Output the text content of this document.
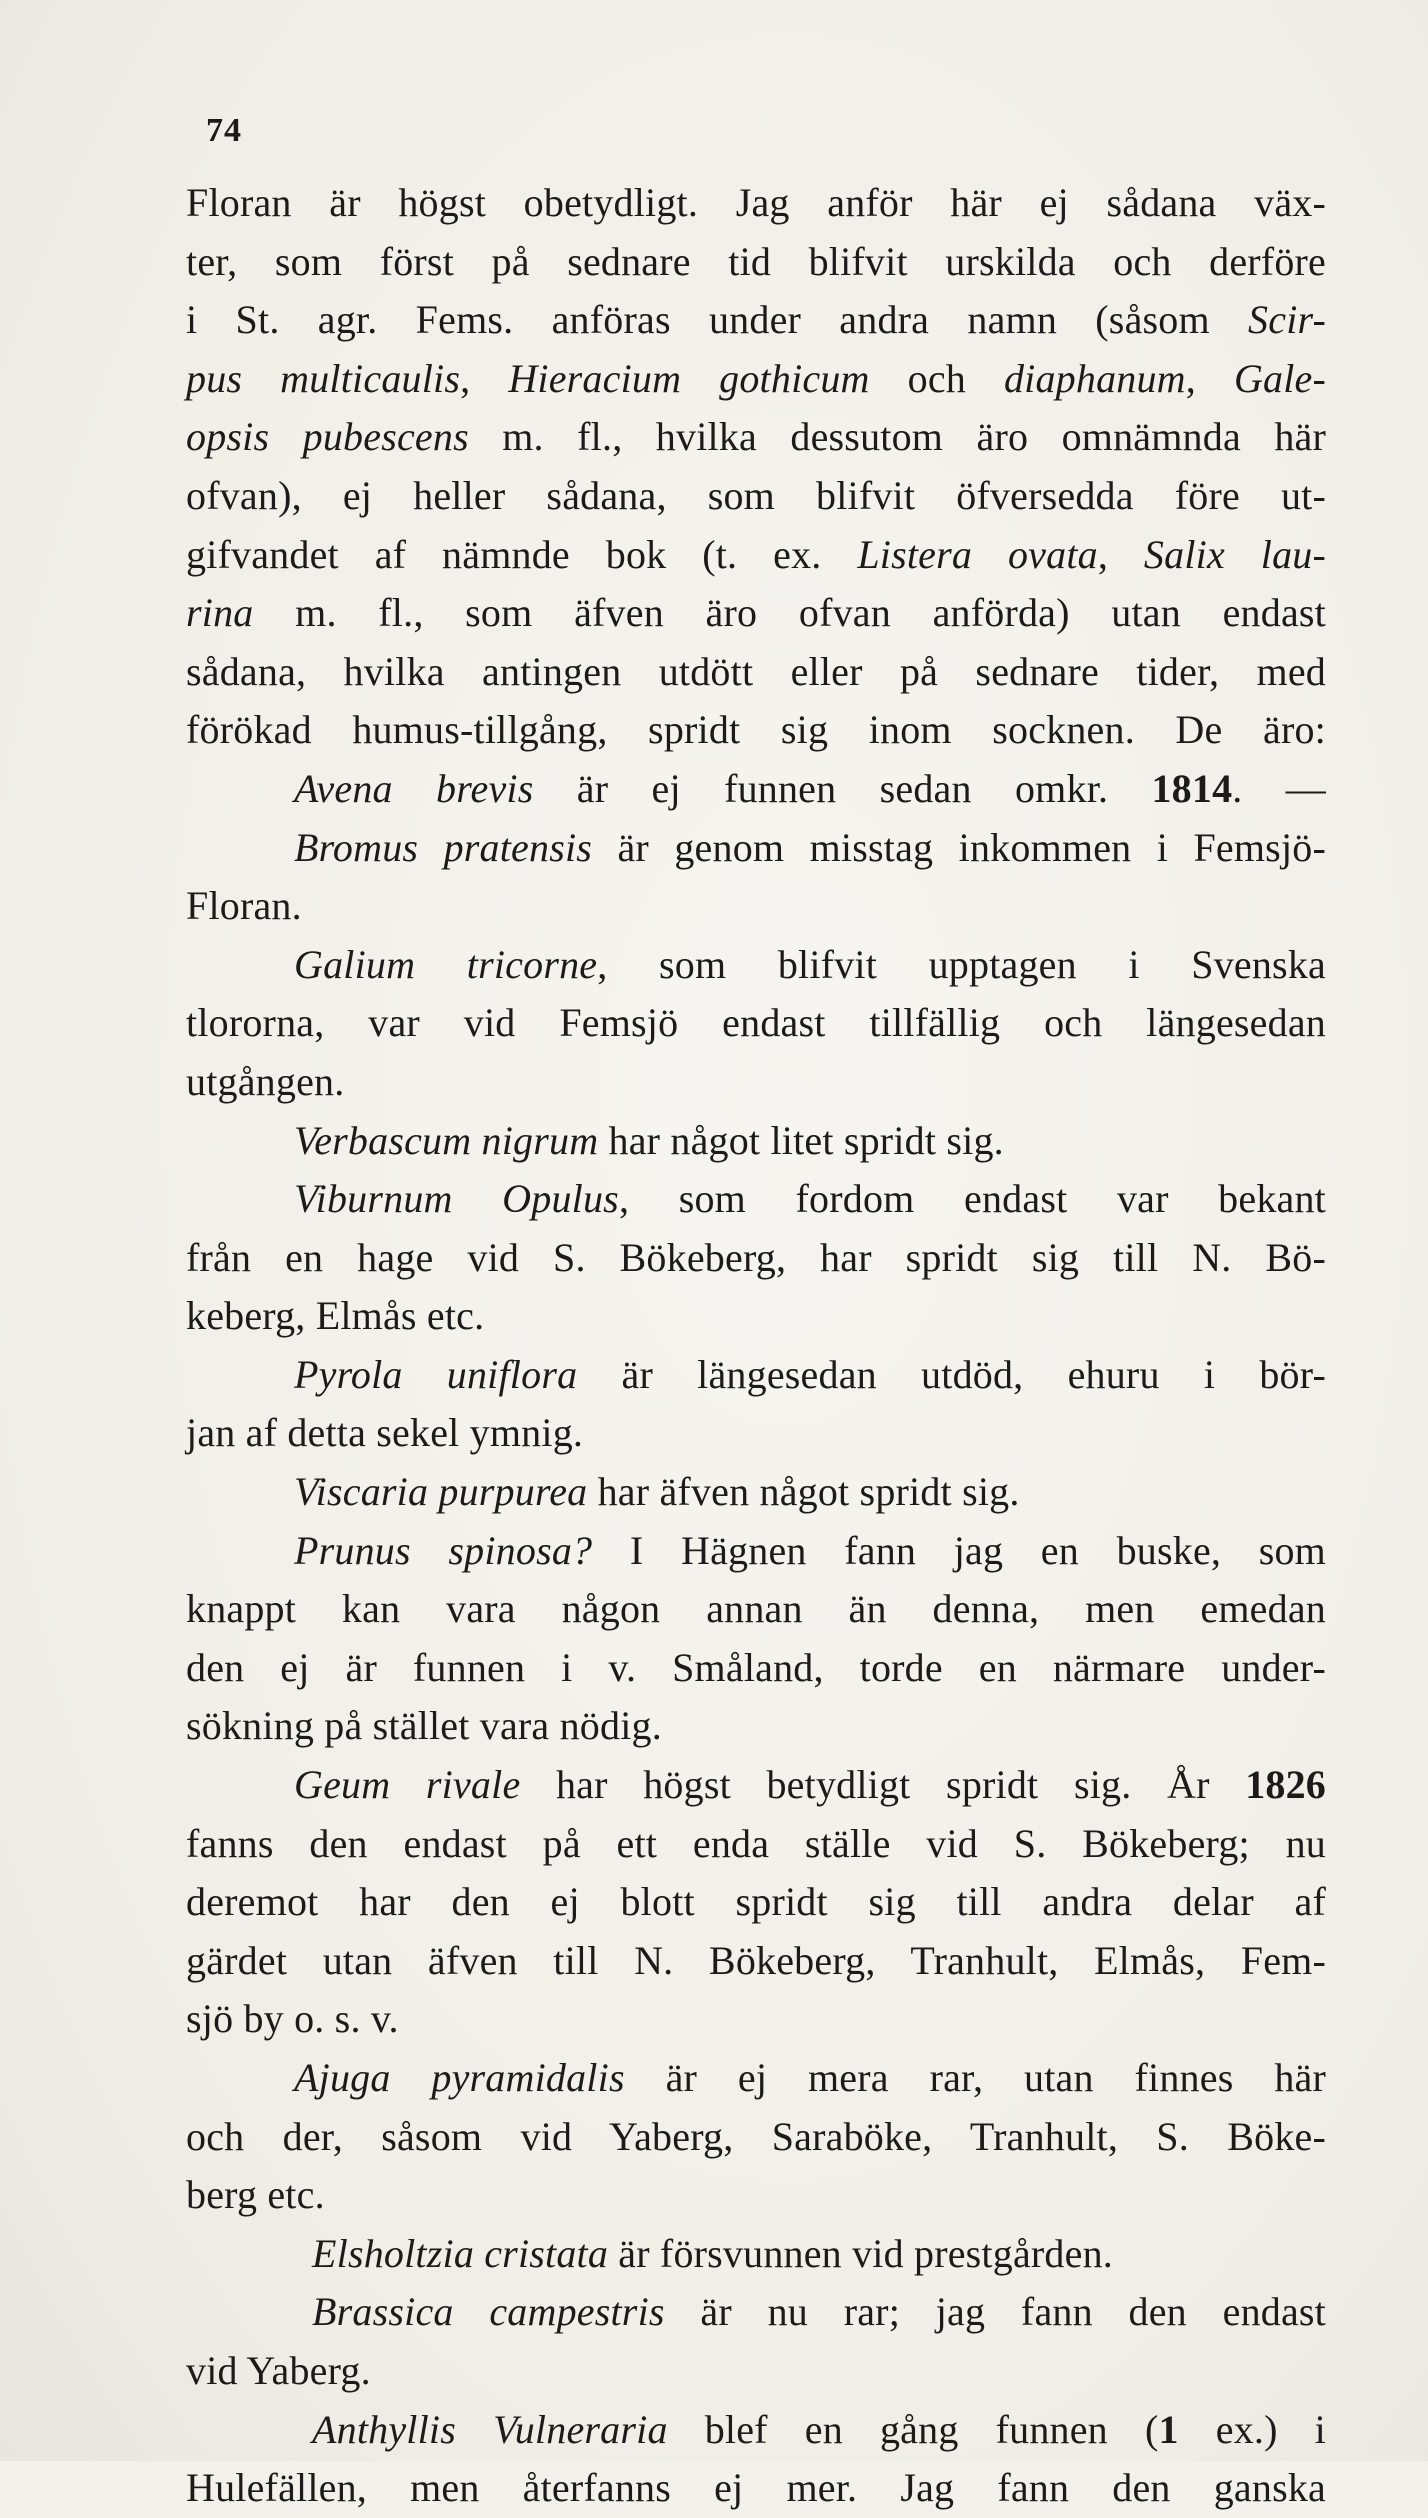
74
Floran är högst obetydligt. Jag anför här ej sådana väx-
ter, som först på sednare tid blifvit urskilda och derföre
i St. agr. Fems. anföras under andra namn (såsom Scir-
pus multicaulis, Hieracium gothicum och diaphanum, Gale-
opsis pubescens m. fl., hvilka dessutom äro omnämnda här
ofvan), ej heller sådana, som blifvit öfversedda före ut-
gifvandet af nämnde bok (t. ex. Listera ovata, Salix lau-
rina m. fl., som äfven äro ofvan anförda) utan endast
sådana, hvilka antingen utdött eller på sednare tider, med
förökad humus-tillgång, spridt sig inom socknen. De äro:
Avena brevis är ej funnen sedan omkr. 1814. —
Bromus pratensis är genom misstag inkommen i Femsjö-
Floran.
Galium tricorne, som blifvit upptagen i Svenska
tlororna, var vid Femsjö endast tillfällig och längesedan
utgången.
Verbascum nigrum har något litet spridt sig.
Viburnum Opulus, som fordom endast var bekant
från en hage vid S. Bökeberg, har spridt sig till N. Bö-
keberg, Elmås etc.
Pyrola uniflora är längesedan utdöd, ehuru i bör-
jan af detta sekel ymnig.
Viscaria purpurea har äfven något spridt sig.
Prunus spinosa? I Hägnen fann jag en buske, som
knappt kan vara någon annan än denna, men emedan
den ej är funnen i v. Småland, torde en närmare under-
sökning på stället vara nödig.
Geum rivale har högst betydligt spridt sig. År 1826
fanns den endast på ett enda ställe vid S. Bökeberg; nu
deremot har den ej blott spridt sig till andra delar af
gärdet utan äfven till N. Bökeberg, Tranhult, Elmås, Fem-
sjö by o. s. v.
Ajuga pyramidalis är ej mera rar, utan finnes här
och der, såsom vid Yaberg, Saraböke, Tranhult, S. Böke-
berg etc.
Elsholtzia cristata är försvunnen vid prestgården.
Brassica campestris är nu rar; jag fann den endast
vid Yaberg.
Anthyllis Vulneraria blef en gång funnen (1 ex.) i
Hulefällen, men återfanns ej mer. Jag fann den ganska
